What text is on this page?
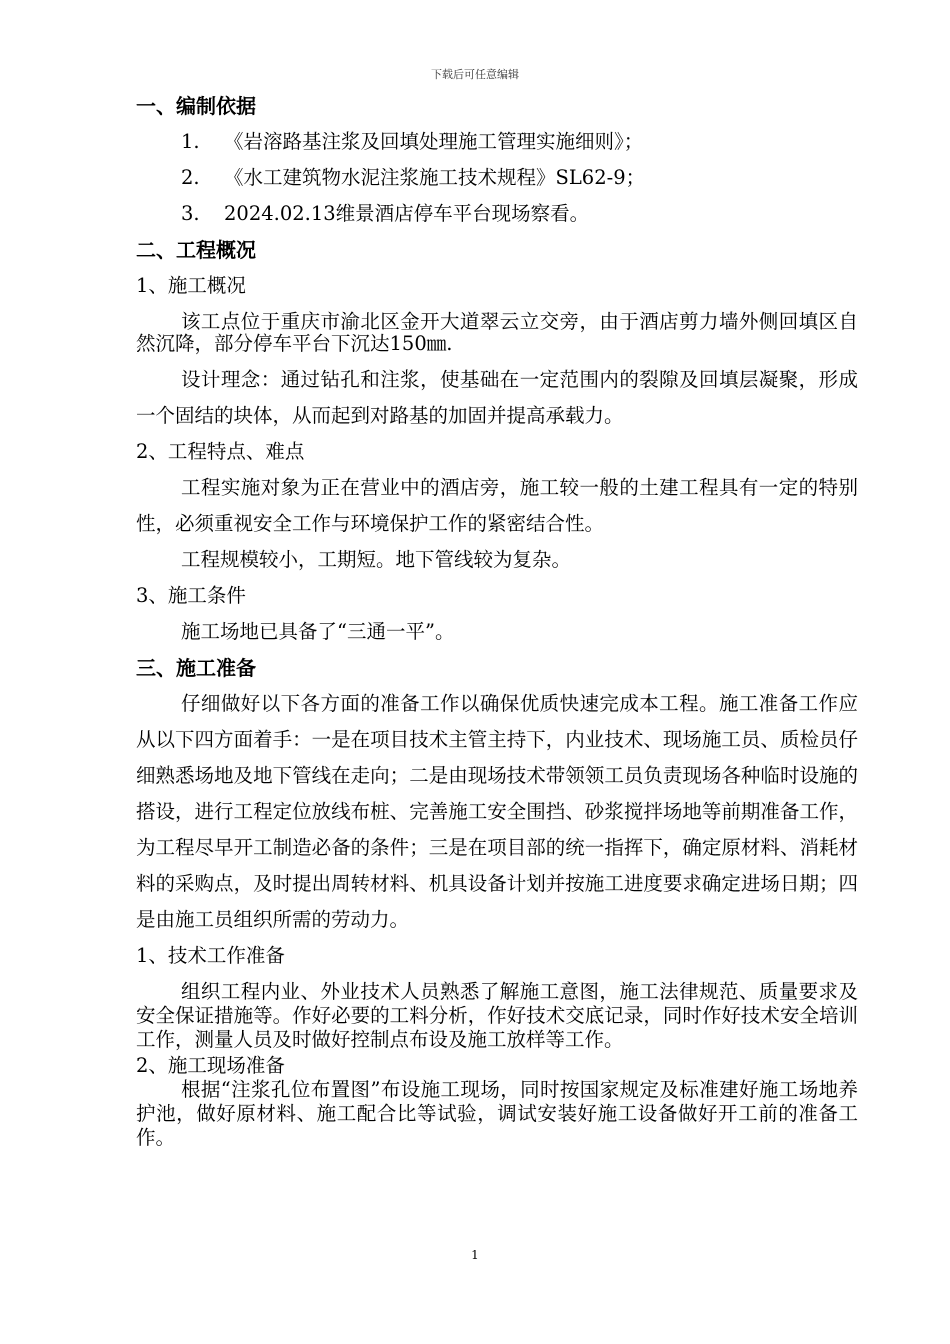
下载后可任意编辑

一、编制依据

1. 《岩溶路基注浆及回填处理施工管理实施细则》；

2. 《水工建筑物水泥注浆施工技术规程》SL62-9；

3. 2024.02.13维景酒店停车平台现场察看。

二、工程概况

1、施工概况

该工点位于重庆市渝北区金开大道翠云立交旁，由于酒店剪力墙外侧回填区自然沉降，部分停车平台下沉达150㎜.

设计理念：通过钻孔和注浆，使基础在一定范围内的裂隙及回填层凝聚，形成一个固结的块体，从而起到对路基的加固并提高承载力。

2、工程特点、难点

工程实施对象为正在营业中的酒店旁，施工较一般的土建工程具有一定的特别性，必须重视安全工作与环境保护工作的紧密结合性。

工程规模较小，工期短。地下管线较为复杂。

3、施工条件

施工场地已具备了“三通一平”。

三、施工准备

仔细做好以下各方面的准备工作以确保优质快速完成本工程。施工准备工作应从以下四方面着手：一是在项目技术主管主持下，内业技术、现场施工员、质检员仔细熟悉场地及地下管线在走向；二是由现场技术带领领工员负责现场各种临时设施的搭设，进行工程定位放线布桩、完善施工安全围挡、砂浆搅拌场地等前期准备工作，为工程尽早开工制造必备的条件；三是在项目部的统一指挥下，确定原材料、消耗材料的采购点，及时提出周转材料、机具设备计划并按施工进度要求确定进场日期；四是由施工员组织所需的劳动力。

1、技术工作准备

组织工程内业、外业技术人员熟悉了解施工意图，施工法律规范、质量要求及安全保证措施等。作好必要的工料分析，作好技术交底记录，同时作好技术安全培训工作，测量人员及时做好控制点布设及施工放样等工作。

2、施工现场准备

根据“注浆孔位布置图”布设施工现场，同时按国家规定及标准建好施工场地养护池，做好原材料、施工配合比等试验，调试安装好施工设备做好开工前的准备工作。

1
